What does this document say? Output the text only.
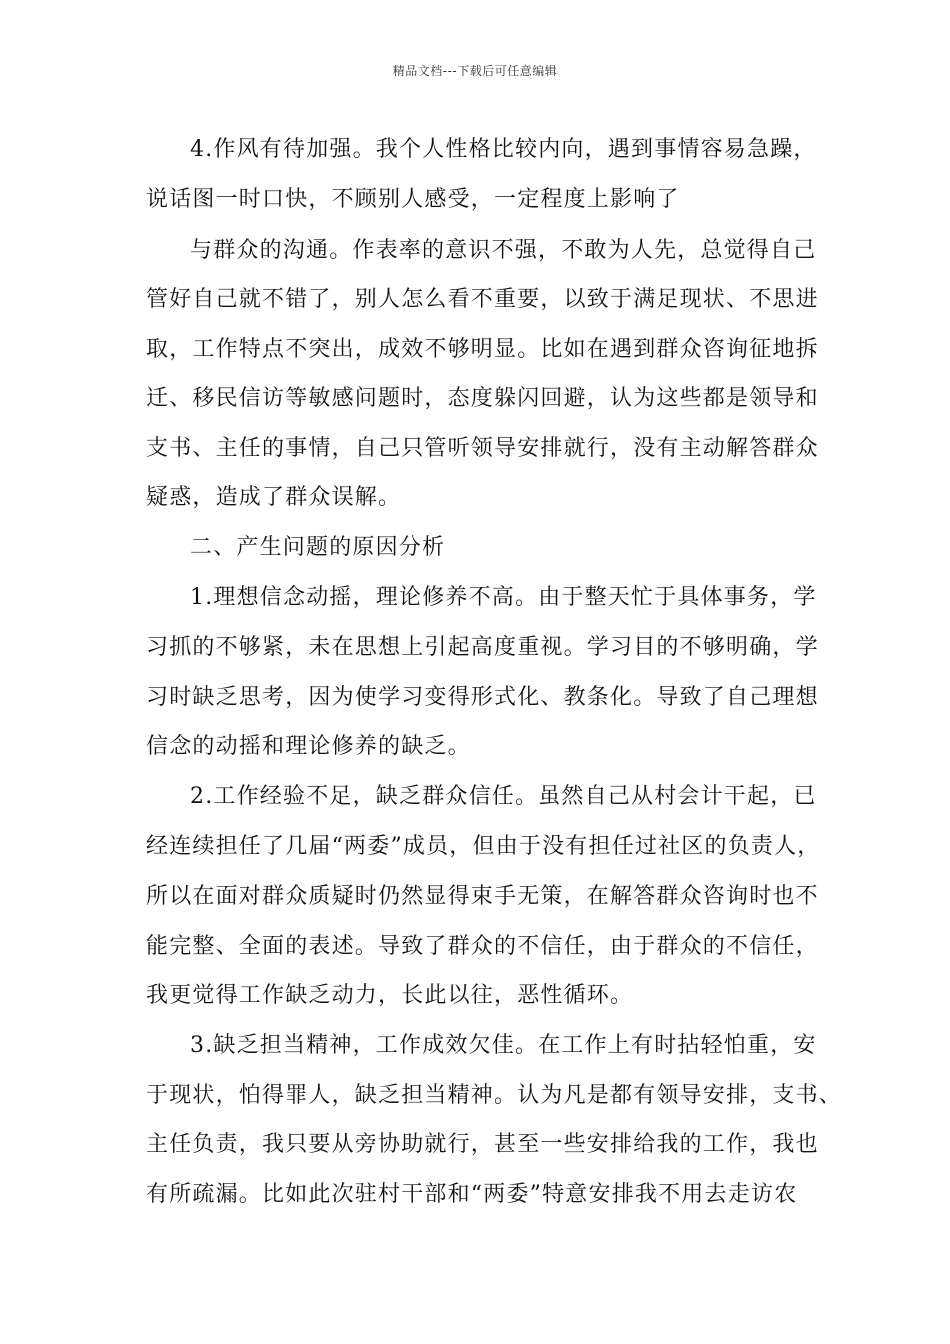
精品文档---下载后可任意编辑
4.作风有待加强。我个人性格比较内向，遇到事情容易急躁，
说话图一时口快，不顾别人感受，一定程度上影响了
与群众的沟通。作表率的意识不强，不敢为人先，总觉得自己
管好自己就不错了，别人怎么看不重要，以致于满足现状、不思进
取，工作特点不突出，成效不够明显。比如在遇到群众咨询征地拆
迁、移民信访等敏感问题时，态度躲闪回避，认为这些都是领导和
支书、主任的事情，自己只管听领导安排就行，没有主动解答群众
疑惑，造成了群众误解。
二、产生问题的原因分析
1.理想信念动摇，理论修养不高。由于整天忙于具体事务，学
习抓的不够紧，未在思想上引起高度重视。学习目的不够明确，学
习时缺乏思考，因为使学习变得形式化、教条化。导致了自己理想
信念的动摇和理论修养的缺乏。
2.工作经验不足，缺乏群众信任。虽然自己从村会计干起，已
经连续担任了几届“两委”成员，但由于没有担任过社区的负责人，
所以在面对群众质疑时仍然显得束手无策，在解答群众咨询时也不
能完整、全面的表述。导致了群众的不信任，由于群众的不信任，
我更觉得工作缺乏动力，长此以往，恶性循环。
3.缺乏担当精神，工作成效欠佳。在工作上有时拈轻怕重，安
于现状，怕得罪人，缺乏担当精神。认为凡是都有领导安排，支书、
主任负责，我只要从旁协助就行，甚至一些安排给我的工作，我也
有所疏漏。比如此次驻村干部和“两委”特意安排我不用去走访农
